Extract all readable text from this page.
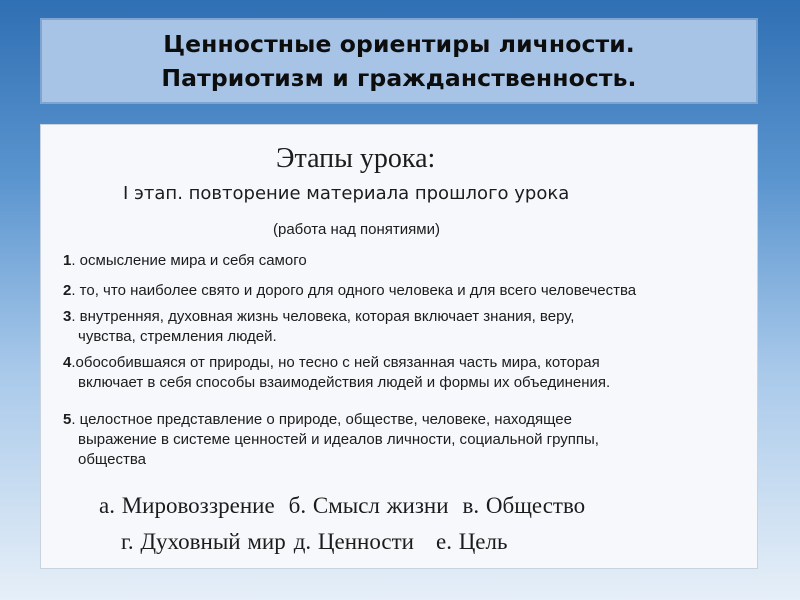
Ценностные ориентиры личности.
Патриотизм и гражданственность.
Этапы урока:
I этап. повторение материала прошлого урока
(работа над понятиями)
1. осмысление мира и себя самого
2. то, что наиболее свято и дорого для одного человека и для всего человечества
3. внутренняя, духовная жизнь человека, которая включает знания, веру,
чувства, стремления людей.
4.обособившаяся от природы, но тесно с ней связанная часть мира, которая
включает в себя способы взаимодействия людей и формы их объединения.
5. целостное представление о природе, обществе, человеке, находящее
выражение в системе ценностей и идеалов личности, социальной группы,
общества
а. Мировоззрение б. Смысл жизни в. Общество
г. Духовный мир д. Ценности е. Цель
